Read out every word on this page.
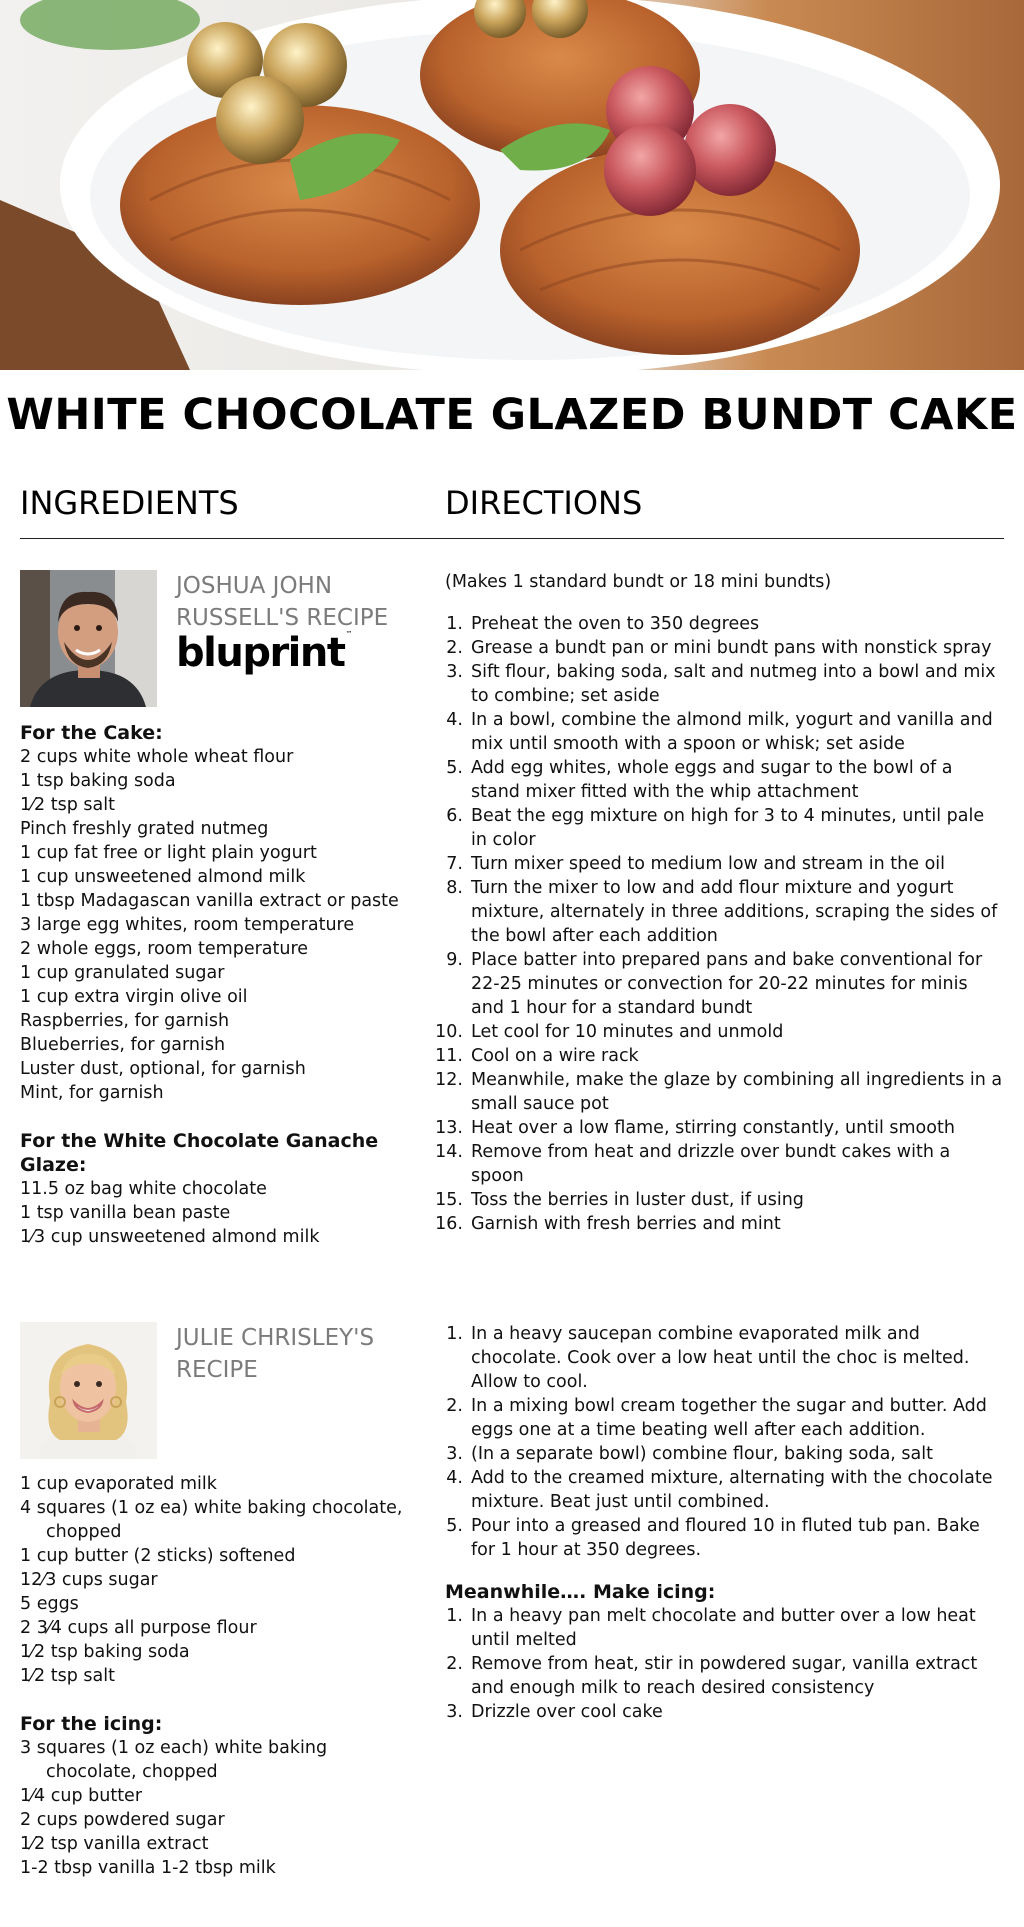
WHITE CHOCOLATE GLAZED BUNDT CAKE
INGREDIENTS	DIRECTIONS
JOSHUA JOHN RUSSELL'S RECIPE
bluprint™
For the Cake:
2 cups white whole wheat flour
1 tsp baking soda
1⁄2 tsp salt
Pinch freshly grated nutmeg
1 cup fat free or light plain yogurt
1 cup unsweetened almond milk
1 tbsp Madagascan vanilla extract or paste
3 large egg whites, room temperature
2 whole eggs, room temperature
1 cup granulated sugar
1 cup extra virgin olive oil
Raspberries, for garnish
Blueberries, for garnish
Luster dust, optional, for garnish
Mint, for garnish
For the White Chocolate Ganache Glaze:
11.5 oz bag white chocolate
1 tsp vanilla bean paste
1⁄3 cup unsweetened almond milk

(Makes 1 standard bundt or 18 mini bundts)

1. Preheat the oven to 350 degrees
2. Grease a bundt pan or mini bundt pans with nonstick spray
3. Sift flour, baking soda, salt and nutmeg into a bowl and mix to combine; set aside
4. In a bowl, combine the almond milk, yogurt and vanilla and mix until smooth with a spoon or whisk; set aside
5. Add egg whites, whole eggs and sugar to the bowl of a stand mixer fitted with the whip attachment
6. Beat the egg mixture on high for 3 to 4 minutes, until pale in color
7. Turn mixer speed to medium low and stream in the oil
8. Turn the mixer to low and add flour mixture and yogurt mixture, alternately in three additions, scraping the sides of the bowl after each addition
9. Place batter into prepared pans and bake conventional for 22-25 minutes or convection for 20-22 minutes for minis and 1 hour for a standard bundt
10. Let cool for 10 minutes and unmold
11. Cool on a wire rack
12. Meanwhile, make the glaze by combining all ingredients in a small sauce pot
13. Heat over a low flame, stirring constantly, until smooth
14. Remove from heat and drizzle over bundt cakes with a spoon
15. Toss the berries in luster dust, if using
16. Garnish with fresh berries and mint
JULIE CHRISLEY'S RECIPE
1 cup evaporated milk
4 squares (1 oz ea) white baking chocolate, chopped
1 cup butter (2 sticks) softened
12⁄3 cups sugar
5 eggs
2 3⁄4 cups all purpose flour
1⁄2 tsp baking soda
1⁄2 tsp salt
For the icing:
3 squares (1 oz each) white baking chocolate, chopped
1⁄4 cup butter
2 cups powdered sugar
1⁄2 tsp vanilla extract
1-2 tbsp vanilla 1-2 tbsp milk
1. In a heavy saucepan combine evaporated milk and chocolate. Cook over a low heat until the choc is melted. Allow to cool.
2. In a mixing bowl cream together the sugar and butter. Add eggs one at a time beating well after each addition.
3. (In a separate bowl) combine flour, baking soda, salt
4. Add to the creamed mixture, alternating with the chocolate mixture. Beat just until combined.
5. Pour into a greased and floured 10 in fluted tub pan. Bake for 1 hour at 350 degrees.
Meanwhile…. Make icing:
1. In a heavy pan melt chocolate and butter over a low heat until melted
2. Remove from heat, stir in powdered sugar, vanilla extract and enough milk to reach desired consistency
3. Drizzle over cool cake
